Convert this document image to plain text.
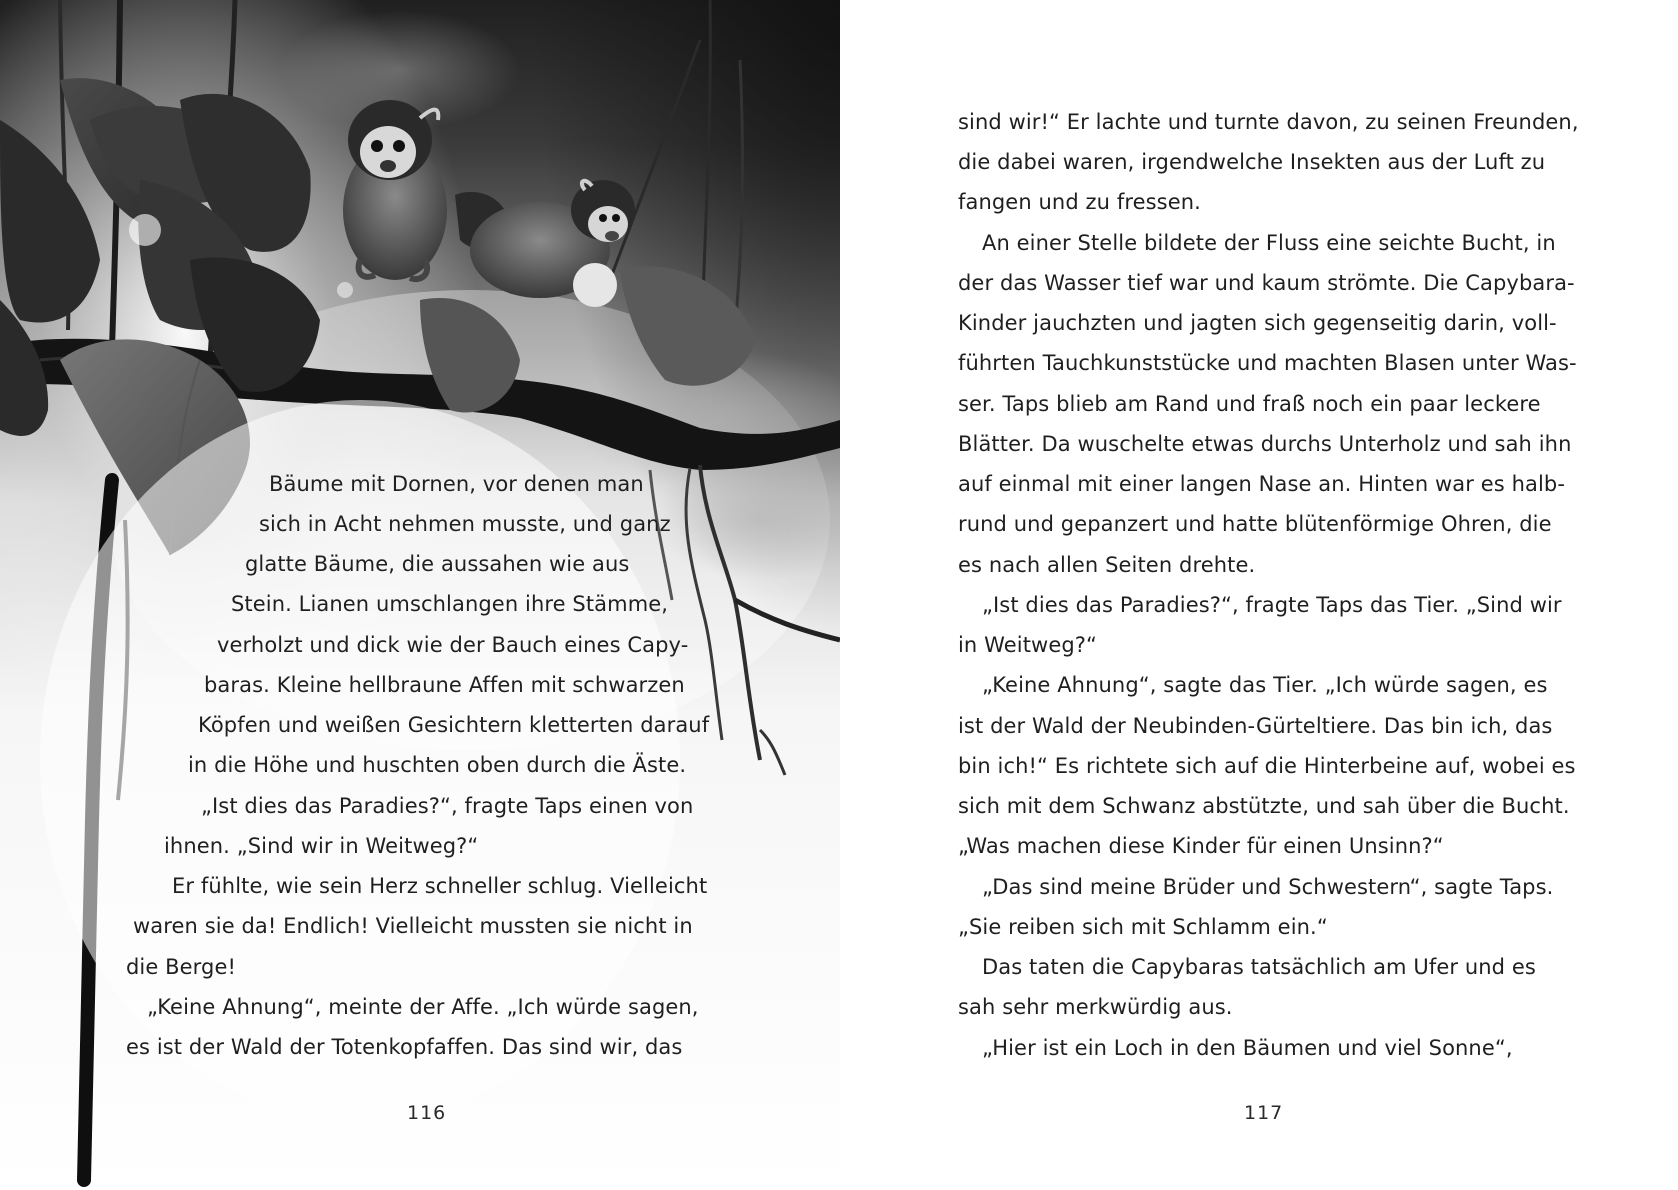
Bäume mit Dornen, vor denen man
sich in Acht nehmen musste, und ganz
glatte Bäume, die aussahen wie aus
Stein. Lianen umschlangen ihre Stämme,
verholzt und dick wie der Bauch eines Capy-
baras. Kleine hellbraune Affen mit schwarzen
Köpfen und weißen Gesichtern kletterten darauf
in die Höhe und huschten oben durch die Äste.
„Ist dies das Paradies?“, fragte Taps einen von
ihnen. „Sind wir in Weitweg?“
Er fühlte, wie sein Herz schneller schlug. Vielleicht
waren sie da! Endlich! Vielleicht mussten sie nicht in
die Berge!
„Keine Ahnung“, meinte der Affe. „Ich würde sagen,
es ist der Wald der Totenkopfaffen. Das sind wir, das
116
sind wir!“ Er lachte und turnte davon, zu seinen Freunden,
die dabei waren, irgendwelche Insekten aus der Luft zu
fangen und zu fressen.
An einer Stelle bildete der Fluss eine seichte Bucht, in
der das Wasser tief war und kaum strömte. Die Capybara-
Kinder jauchzten und jagten sich gegenseitig darin, voll-
führten Tauchkunststücke und machten Blasen unter Was-
ser. Taps blieb am Rand und fraß noch ein paar leckere
Blätter. Da wuschelte etwas durchs Unterholz und sah ihn
auf einmal mit einer langen Nase an. Hinten war es halb-
rund und gepanzert und hatte blütenförmige Ohren, die
es nach allen Seiten drehte.
„Ist dies das Paradies?“, fragte Taps das Tier. „Sind wir
in Weitweg?“
„Keine Ahnung“, sagte das Tier. „Ich würde sagen, es
ist der Wald der Neubinden-Gürteltiere. Das bin ich, das
bin ich!“ Es richtete sich auf die Hinterbeine auf, wobei es
sich mit dem Schwanz abstützte, und sah über die Bucht.
„Was machen diese Kinder für einen Unsinn?“
„Das sind meine Brüder und Schwestern“, sagte Taps.
„Sie reiben sich mit Schlamm ein.“
Das taten die Capybaras tatsächlich am Ufer und es
sah sehr merkwürdig aus.
„Hier ist ein Loch in den Bäumen und viel Sonne“,
117
